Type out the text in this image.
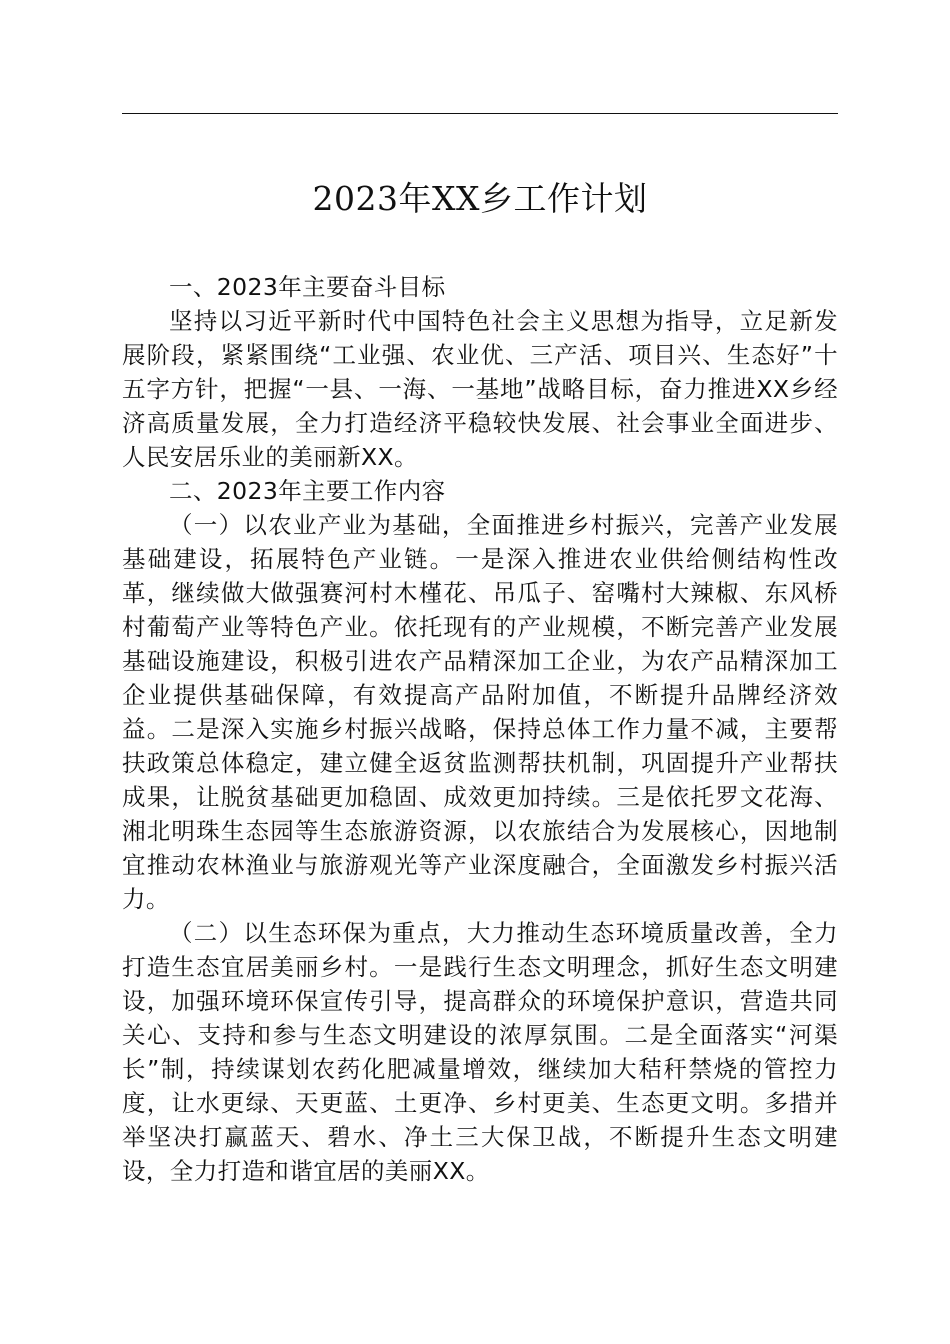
2023年XX乡工作计划

一、2023年主要奋斗目标

坚持以习近平新时代中国特色社会主义思想为指导，立足新发展阶段，紧紧围绕“工业强、农业优、三产活、项目兴、生态好”十五字方针，把握“一县、一海、一基地”战略目标，奋力推进XX乡经济高质量发展，全力打造经济平稳较快发展、社会事业全面进步、人民安居乐业的美丽新XX。

二、2023年主要工作内容

（一）以农业产业为基础，全面推进乡村振兴，完善产业发展基础建设，拓展特色产业链。一是深入推进农业供给侧结构性改革，继续做大做强赛河村木槿花、吊瓜子、窑嘴村大辣椒、东风桥村葡萄产业等特色产业。依托现有的产业规模，不断完善产业发展基础设施建设，积极引进农产品精深加工企业，为农产品精深加工企业提供基础保障，有效提高产品附加值，不断提升品牌经济效益。二是深入实施乡村振兴战略，保持总体工作力量不减，主要帮扶政策总体稳定，建立健全返贫监测帮扶机制，巩固提升产业帮扶成果，让脱贫基础更加稳固、成效更加持续。三是依托罗文花海、湘北明珠生态园等生态旅游资源，以农旅结合为发展核心，因地制宜推动农林渔业与旅游观光等产业深度融合，全面激发乡村振兴活力。

（二）以生态环保为重点，大力推动生态环境质量改善，全力打造生态宜居美丽乡村。一是践行生态文明理念，抓好生态文明建设，加强环境环保宣传引导，提高群众的环境保护意识，营造共同关心、支持和参与生态文明建设的浓厚氛围。二是全面落实“河渠长”制，持续谋划农药化肥减量增效，继续加大秸秆禁烧的管控力度，让水更绿、天更蓝、土更净、乡村更美、生态更文明。多措并举坚决打赢蓝天、碧水、净土三大保卫战，不断提升生态文明建设，全力打造和谐宜居的美丽XX。
